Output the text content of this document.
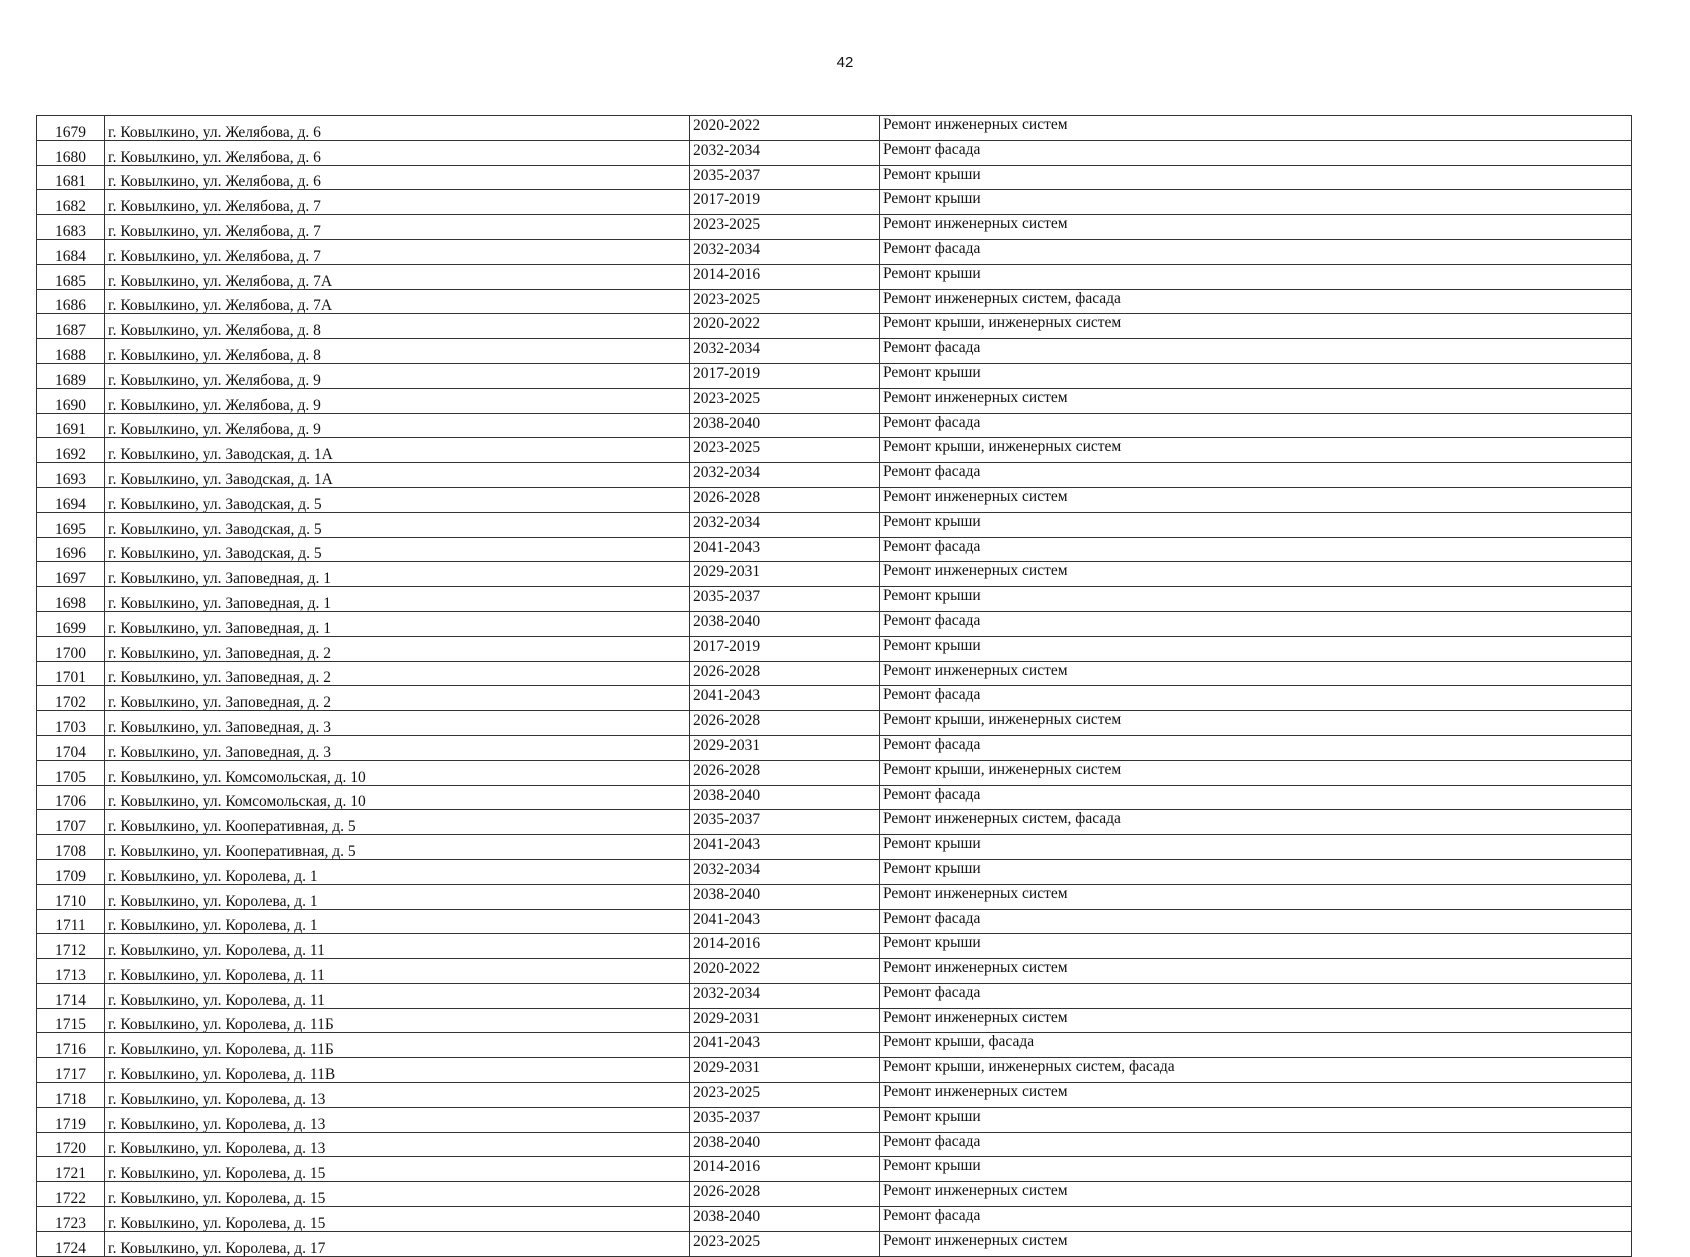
42
1679	г. Ковылкино, ул. Желябова, д. 6	2020-2022	Ремонт инженерных систем
1680	г. Ковылкино, ул. Желябова, д. 6	2032-2034	Ремонт фасада
1681	г. Ковылкино, ул. Желябова, д. 6	2035-2037	Ремонт крыши
1682	г. Ковылкино, ул. Желябова, д. 7	2017-2019	Ремонт крыши
1683	г. Ковылкино, ул. Желябова, д. 7	2023-2025	Ремонт инженерных систем
1684	г. Ковылкино, ул. Желябова, д. 7	2032-2034	Ремонт фасада
1685	г. Ковылкино, ул. Желябова, д. 7А	2014-2016	Ремонт крыши
1686	г. Ковылкино, ул. Желябова, д. 7А	2023-2025	Ремонт инженерных систем, фасада
1687	г. Ковылкино, ул. Желябова, д. 8	2020-2022	Ремонт крыши, инженерных систем
1688	г. Ковылкино, ул. Желябова, д. 8	2032-2034	Ремонт фасада
1689	г. Ковылкино, ул. Желябова, д. 9	2017-2019	Ремонт крыши
1690	г. Ковылкино, ул. Желябова, д. 9	2023-2025	Ремонт инженерных систем
1691	г. Ковылкино, ул. Желябова, д. 9	2038-2040	Ремонт фасада
1692	г. Ковылкино, ул. Заводская, д. 1А	2023-2025	Ремонт крыши, инженерных систем
1693	г. Ковылкино, ул. Заводская, д. 1А	2032-2034	Ремонт фасада
1694	г. Ковылкино, ул. Заводская, д. 5	2026-2028	Ремонт инженерных систем
1695	г. Ковылкино, ул. Заводская, д. 5	2032-2034	Ремонт крыши
1696	г. Ковылкино, ул. Заводская, д. 5	2041-2043	Ремонт фасада
1697	г. Ковылкино, ул. Заповедная, д. 1	2029-2031	Ремонт инженерных систем
1698	г. Ковылкино, ул. Заповедная, д. 1	2035-2037	Ремонт крыши
1699	г. Ковылкино, ул. Заповедная, д. 1	2038-2040	Ремонт фасада
1700	г. Ковылкино, ул. Заповедная, д. 2	2017-2019	Ремонт крыши
1701	г. Ковылкино, ул. Заповедная, д. 2	2026-2028	Ремонт инженерных систем
1702	г. Ковылкино, ул. Заповедная, д. 2	2041-2043	Ремонт фасада
1703	г. Ковылкино, ул. Заповедная, д. 3	2026-2028	Ремонт крыши, инженерных систем
1704	г. Ковылкино, ул. Заповедная, д. 3	2029-2031	Ремонт фасада
1705	г. Ковылкино, ул. Комсомольская, д. 10	2026-2028	Ремонт крыши, инженерных систем
1706	г. Ковылкино, ул. Комсомольская, д. 10	2038-2040	Ремонт фасада
1707	г. Ковылкино, ул. Кооперативная, д. 5	2035-2037	Ремонт инженерных систем, фасада
1708	г. Ковылкино, ул. Кооперативная, д. 5	2041-2043	Ремонт крыши
1709	г. Ковылкино, ул. Королева, д. 1	2032-2034	Ремонт крыши
1710	г. Ковылкино, ул. Королева, д. 1	2038-2040	Ремонт инженерных систем
1711	г. Ковылкино, ул. Королева, д. 1	2041-2043	Ремонт фасада
1712	г. Ковылкино, ул. Королева, д. 11	2014-2016	Ремонт крыши
1713	г. Ковылкино, ул. Королева, д. 11	2020-2022	Ремонт инженерных систем
1714	г. Ковылкино, ул. Королева, д. 11	2032-2034	Ремонт фасада
1715	г. Ковылкино, ул. Королева, д. 11Б	2029-2031	Ремонт инженерных систем
1716	г. Ковылкино, ул. Королева, д. 11Б	2041-2043	Ремонт крыши, фасада
1717	г. Ковылкино, ул. Королева, д. 11В	2029-2031	Ремонт крыши, инженерных систем, фасада
1718	г. Ковылкино, ул. Королева, д. 13	2023-2025	Ремонт инженерных систем
1719	г. Ковылкино, ул. Королева, д. 13	2035-2037	Ремонт крыши
1720	г. Ковылкино, ул. Королева, д. 13	2038-2040	Ремонт фасада
1721	г. Ковылкино, ул. Королева, д. 15	2014-2016	Ремонт крыши
1722	г. Ковылкино, ул. Королева, д. 15	2026-2028	Ремонт инженерных систем
1723	г. Ковылкино, ул. Королева, д. 15	2038-2040	Ремонт фасада
1724	г. Ковылкино, ул. Королева, д. 17	2023-2025	Ремонт инженерных систем
